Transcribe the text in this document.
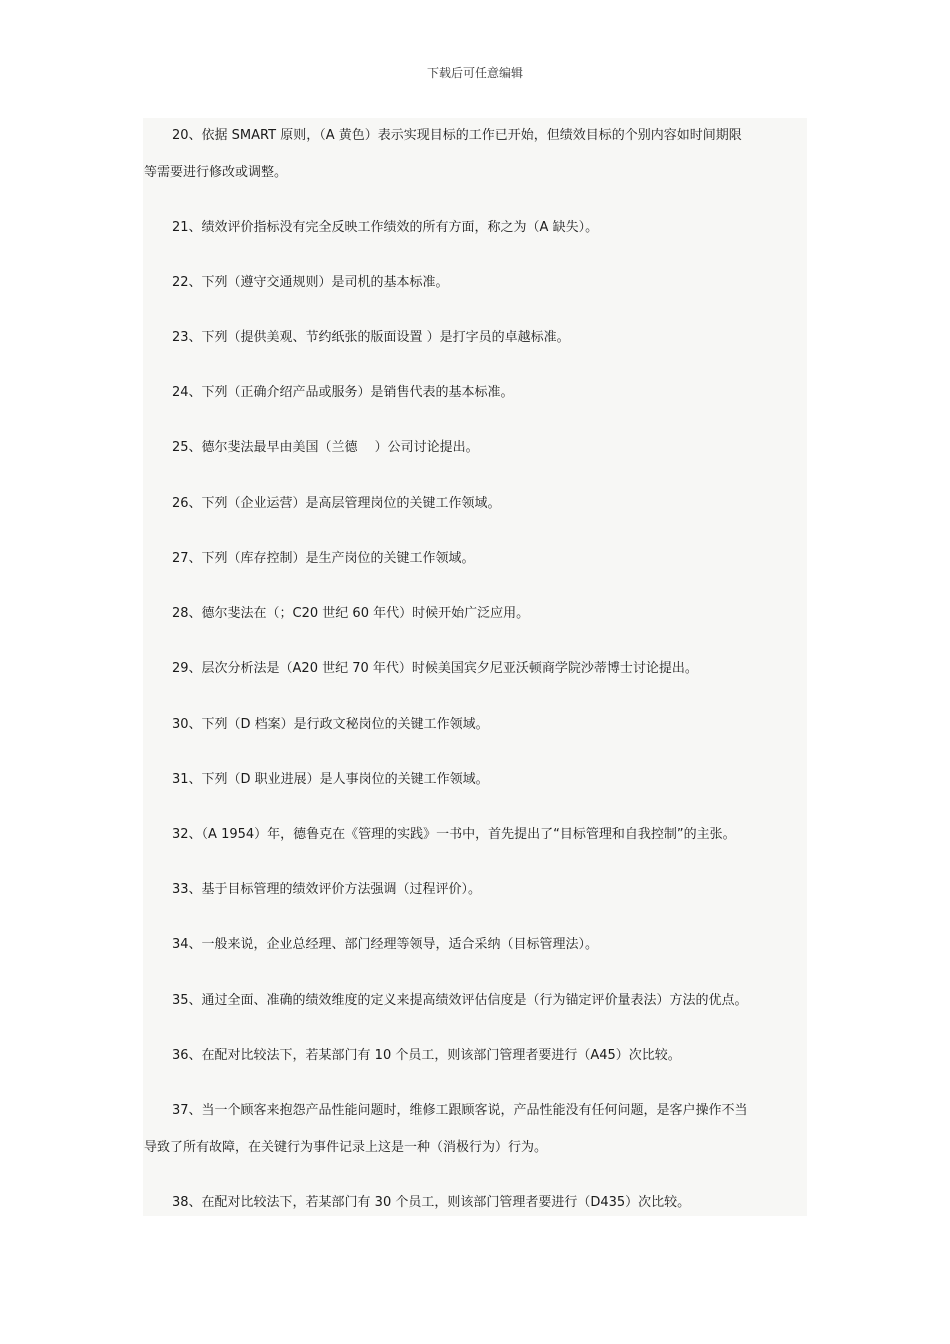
下载后可任意编辑
20、依据 SMART 原则，（A 黄色）表示实现目标的工作已开始，但绩效目标的个别内容如时间期限
等需要进行修改或调整。
21、绩效评价指标没有完全反映工作绩效的所有方面，称之为（A 缺失）。
22、下列（遵守交通规则）是司机的基本标准。
23、下列（提供美观、节约纸张的版面设置 ）是打字员的卓越标准。
24、下列（正确介绍产品或服务）是销售代表的基本标准。
25、德尔斐法最早由美国（兰德　 ）公司讨论提出。
26、下列（企业运营）是高层管理岗位的关键工作领域。
27、下列（库存控制）是生产岗位的关键工作领域。
28、德尔斐法在（；C20 世纪 60 年代）时候开始广泛应用。
29、层次分析法是（A20 世纪 70 年代）时候美国宾夕尼亚沃顿商学院沙蒂博士讨论提出。
30、下列（D 档案）是行政文秘岗位的关键工作领域。
31、下列（D 职业进展）是人事岗位的关键工作领域。
32、（A 1954）年，德鲁克在《管理的实践》一书中，首先提出了“目标管理和自我控制”的主张。
33、基于目标管理的绩效评价方法强调（过程评价）。
34、一般来说，企业总经理、部门经理等领导，适合采纳（目标管理法）。
35、通过全面、准确的绩效维度的定义来提高绩效评估信度是（行为锚定评价量表法）方法的优点。
36、在配对比较法下，若某部门有 10 个员工，则该部门管理者要进行（A45）次比较。
37、当一个顾客来抱怨产品性能问题时，维修工跟顾客说，产品性能没有任何问题，是客户操作不当
导致了所有故障，在关键行为事件记录上这是一种（消极行为）行为。
38、在配对比较法下，若某部门有 30 个员工，则该部门管理者要进行（D435）次比较。
